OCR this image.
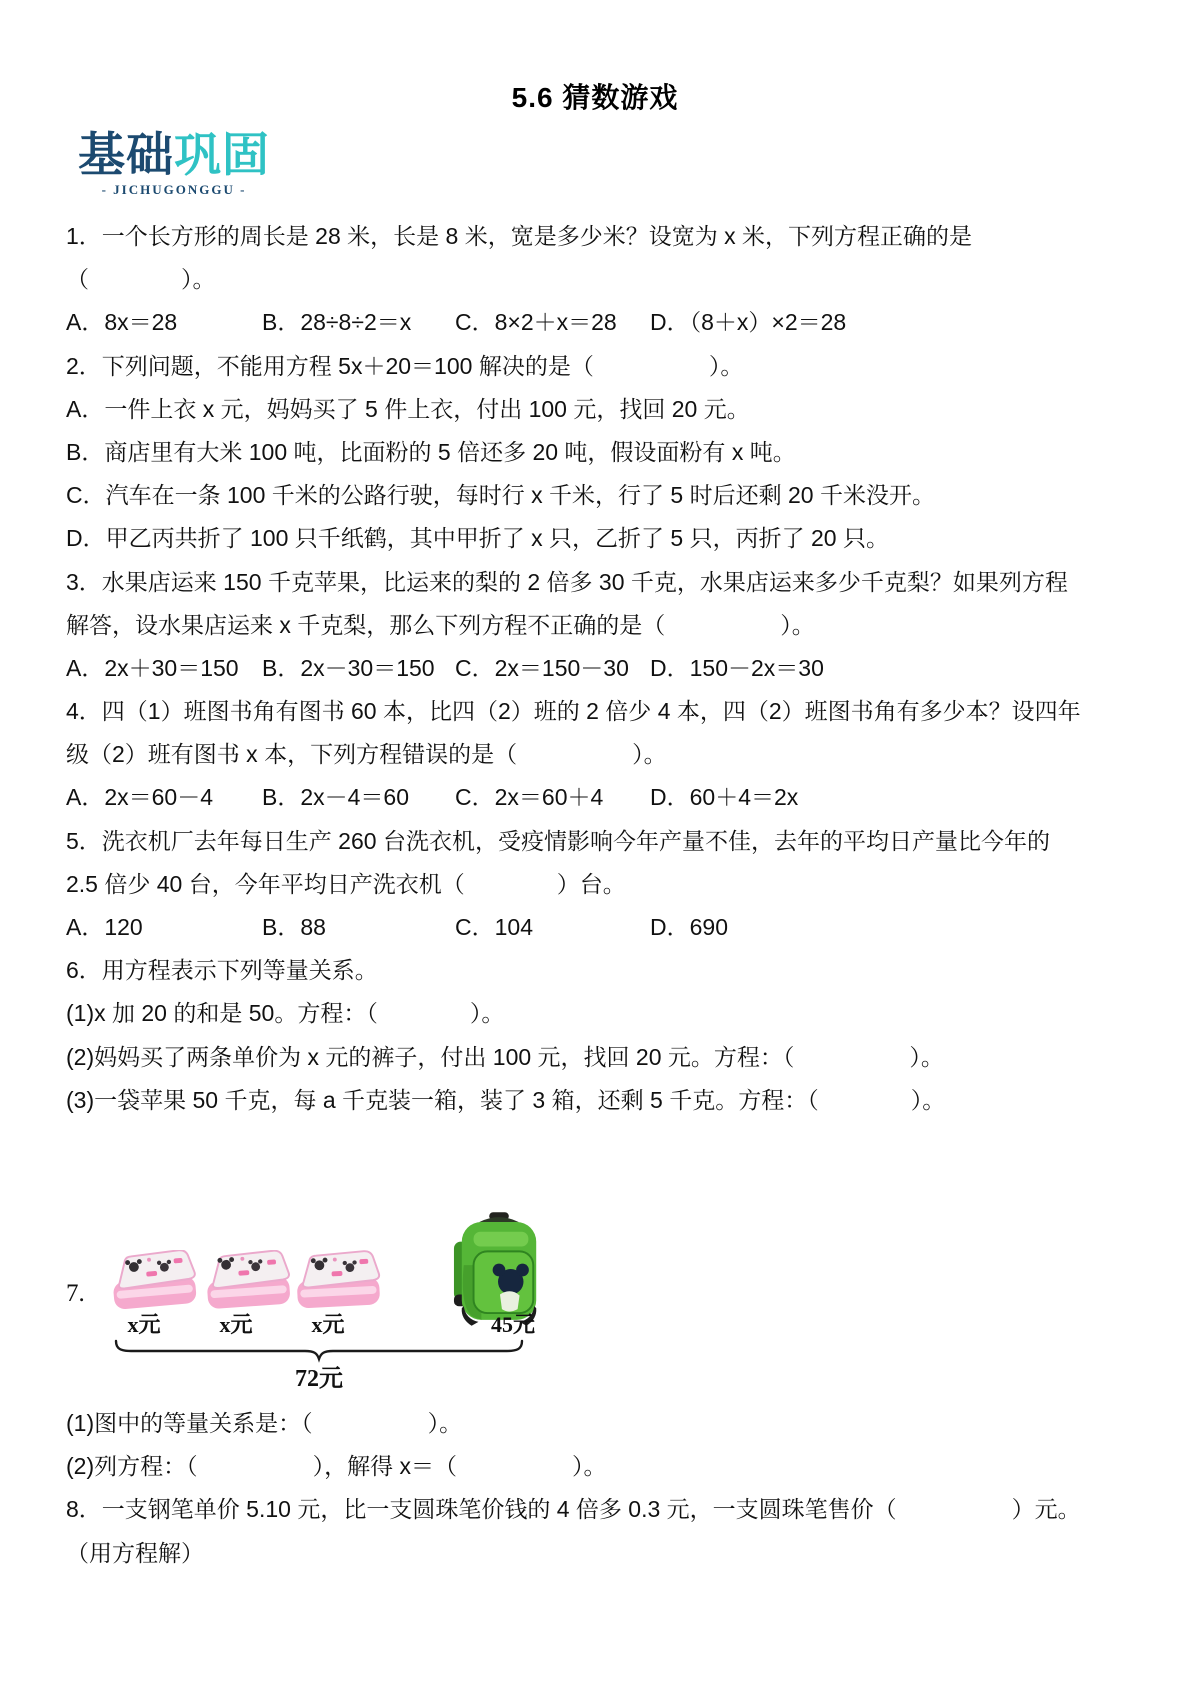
5.6 猜数游戏
基础巩固
- JICHUGONGGU -

1．一个长方形的周长是 28 米，长是 8 米，宽是多少米？设宽为 x 米，下列方程正确的是

（　　　　）。

A．8x＝28	B．28÷8÷2＝x C．8×2＋x＝28 D．（8＋x）×2＝28

2．下列问题，不能用方程 5x＋20＝100 解决的是（　　　　　）。

A．一件上衣 x 元，妈妈买了 5 件上衣，付出 100 元，找回 20 元。

B．商店里有大米 100 吨，比面粉的 5 倍还多 20 吨，假设面粉有 x 吨。

C．汽车在一条 100 千米的公路行驶，每时行 x 千米，行了 5 时后还剩 20 千米没开。

D．甲乙丙共折了 100 只千纸鹤，其中甲折了 x 只，乙折了 5 只，丙折了 20 只。

3．水果店运来 150 千克苹果，比运来的梨的 2 倍多 30 千克，水果店运来多少千克梨？如果列方程

解答，设水果店运来 x 千克梨，那么下列方程不正确的是（　　　　　）。

A．2x＋30＝150 B．2x－30＝150 C．2x＝150－30 D．150－2x＝30

4．四（1）班图书角有图书 60 本，比四（2）班的 2 倍少 4 本，四（2）班图书角有多少本？设四年

级（2）班有图书 x 本，下列方程错误的是（　　　　　）。

A．2x＝60－4 B．2x－4＝60 C．2x＝60＋4 D．60＋4＝2x

5．洗衣机厂去年每日生产 260 台洗衣机，受疫情影响今年产量不佳，去年的平均日产量比今年的

2.5 倍少 40 台，今年平均日产洗衣机（　　　　）台。

A．120	B．88	C．104	D．690

6．用方程表示下列等量关系。

(1)x 加 20 的和是 50。方程：（　　　　）。

(2)妈妈买了两条单价为 x 元的裤子，付出 100 元，找回 20 元。方程：（　　　　　）。

(3)一袋苹果 50 千克，每 a 千克装一箱，装了 3 箱，还剩 5 千克。方程：（　　　　）。

7.
x元	x元	x元	45元
72元

(1)图中的等量关系是：（　　　　　）。

(2)列方程：（　　　　　），解得 x＝（　　　　　）。

8．一支钢笔单价 5.10 元，比一支圆珠笔价钱的 4 倍多 0.3 元，一支圆珠笔售价（　　　　　）元。

（用方程解）
